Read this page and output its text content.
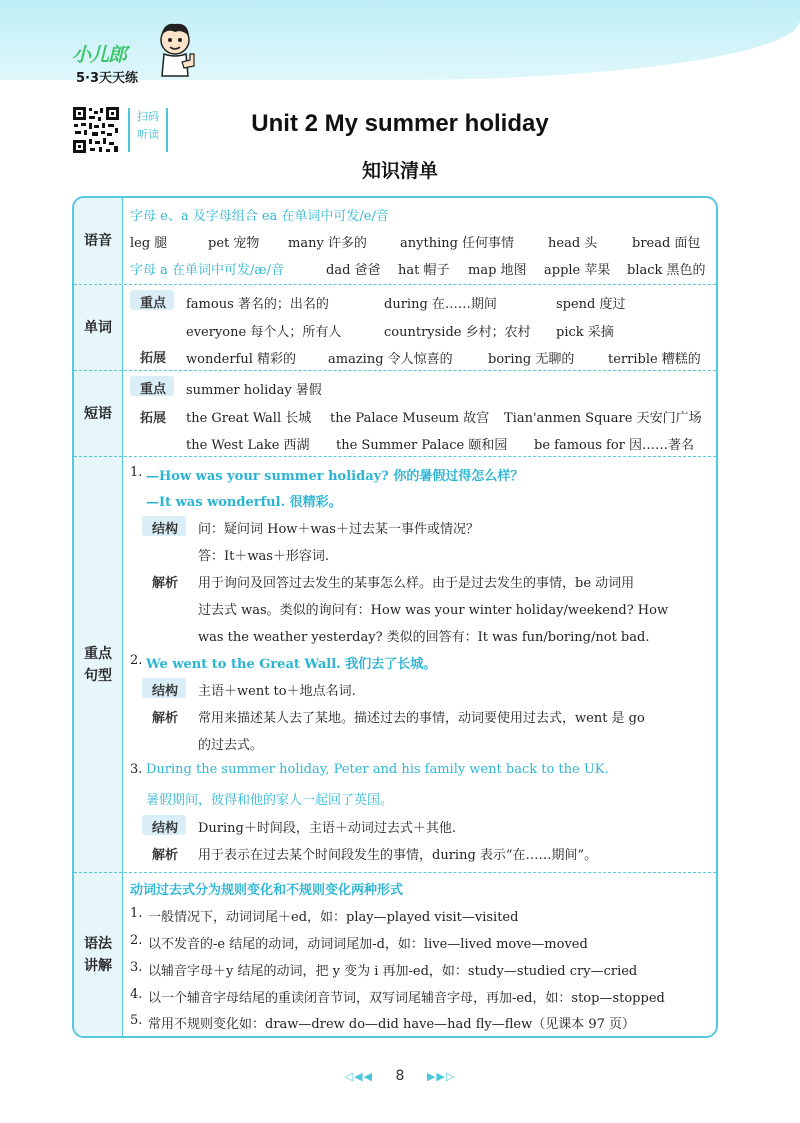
小儿郎
5·3天天练
扫码
听读	Unit 2 My summer holiday
知识清单
语音
字母 e、a 及字母组合 ea 在单词中可发/e/音
leg 腿	pet 宠物 many 许多的	anything 任何事情	head 头	bread 面包
字母 a 在单词中可发/æ/音	dad 爸爸 hat 帽子 map 地图 apple 苹果 black 黑色的
单词
重点	famous 著名的；出名的	during 在……期间	spend 度过
everyone 每个人；所有人	countryside 乡村；农村 pick 采摘
拓展	wonderful 精彩的 amazing 令人惊喜的	boring 无聊的	terrible 糟糕的
短语
重点	summer holiday 暑假
拓展	the Great Wall 长城 the Palace Museum 故宫 Tian'anmen Square 天安门广场
the West Lake 西湖 the Summer Palace 颐和园 be famous for 因……著名
重点
句型
1. —How was your summer holiday? 你的暑假过得怎么样？
—It was wonderful. 很精彩。
结构	问：疑问词 How＋was＋过去某一事件或情况？
答：It＋was＋形容词.
解析	用于询问及回答过去发生的某事怎么样。由于是过去发生的事情，be 动词用
过去式 was。类似的询问有：How was your winter holiday/weekend? How
was the weather yesterday? 类似的回答有：It was fun/boring/not bad.
2. We went to the Great Wall. 我们去了长城。
结构	主语＋went to＋地点名词.
解析	常用来描述某人去了某地。描述过去的事情，动词要使用过去式，went 是 go
的过去式。
3. During the summer holiday, Peter and his family went back to the UK.
暑假期间，彼得和他的家人一起回了英国。
结构	During＋时间段，主语＋动词过去式＋其他.
解析	用于表示在过去某个时间段发生的事情，during 表示“在……期间”。
语法
讲解
动词过去式分为规则变化和不规则变化两种形式
1. 一般情况下，动词词尾＋ed，如：play—played visit—visited
2. 以不发音的-e 结尾的动词，动词词尾加-d，如：live—lived move—moved
3. 以辅音字母＋y 结尾的动词，把 y 变为 i 再加-ed，如：study—studied cry—cried
4. 以一个辅音字母结尾的重读闭音节词，双写词尾辅音字母，再加-ed，如：stop—stopped
5. 常用不规则变化如：draw—drew do—did have—had fly—flew（见课本 97 页）
◁◀◀ 8 ▶▶▷
